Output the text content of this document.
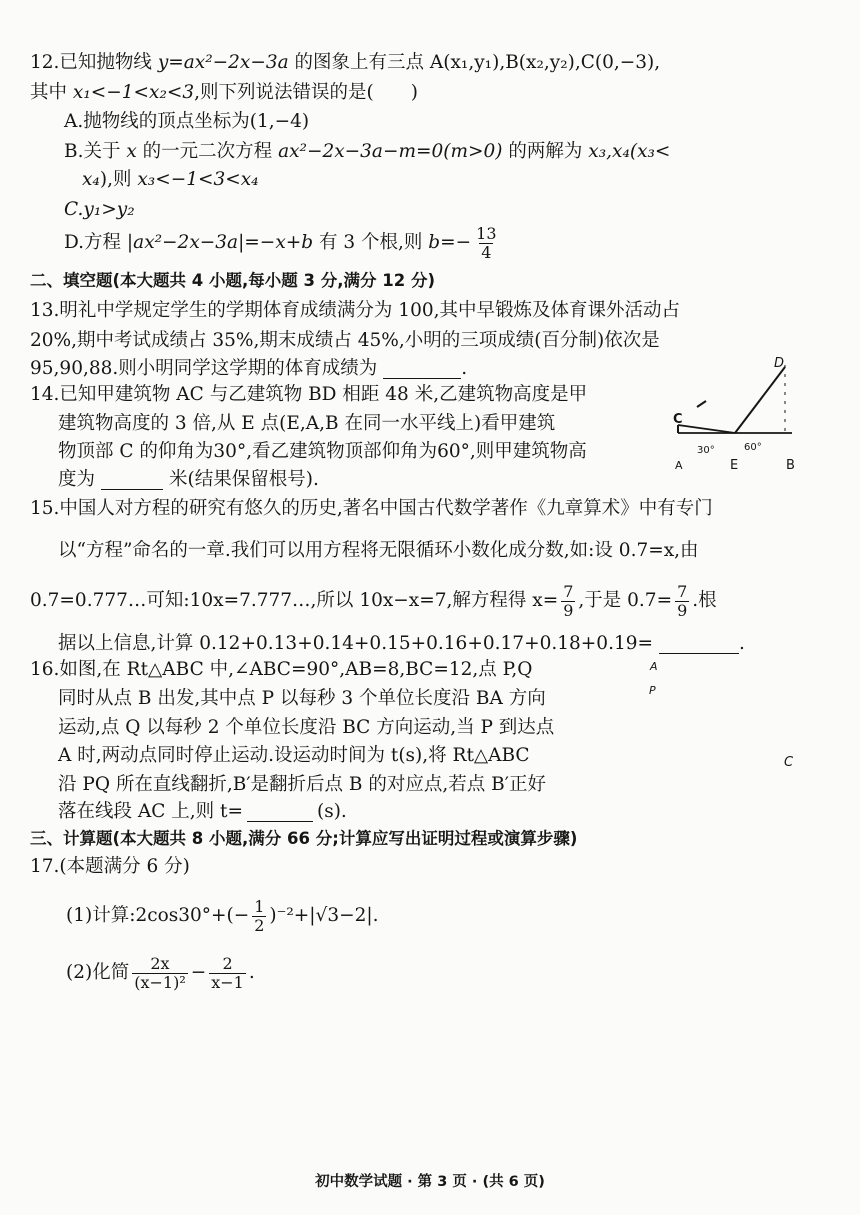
12.已知抛物线 y=ax²−2x−3a 的图象上有三点 A(x₁,y₁),B(x₂,y₂),C(0,−3),
其中 x₁<−1<x₂<3,则下列说法错误的是(　　)
A.抛物线的顶点坐标为(1,−4)
B.关于 x 的一元二次方程 ax²−2x−3a−m=0(m>0) 的两解为 x₃,x₄(x₃<
x₄),则 x₃<−1<3<x₄
C.y₁>y₂
D.方程 |ax²−2x−3a|=−x+b 有 3 个根,则 $b=- \frac{13}{4}$
二、填空题(本大题共 4 小题,每小题 3 分,满分 12 分)
13.明礼中学规定学生的学期体育成绩满分为 100,其中早锻炼及体育课外活动占
20%,期中考试成绩占 35%,期末成绩占 45%,小明的三项成绩(百分制)依次是
95,90,88.则小明同学这学期的体育成绩为	.
14.已知甲建筑物 AC 与乙建筑物 BD 相距 48 米,乙建筑物高度是甲
建筑物高度的 3 倍,从 E 点(E,A,B 在同一水平线上)看甲建筑
物顶部 C 的仰角为30°,看乙建筑物顶部仰角为60°,则甲建筑物高
度为	米(结果保留根号).
D
C
A	E	B
30°	60°
15.中国人对方程的研究有悠久的历史,著名中国古代数学著作《九章算术》中有专门
以“方程”命名的一章.我们可以用方程将无限循环小数化成分数,如:设 0.7=x,由
0.7=0.777…可知:10x=7.777…,所以 10x−x=7,解方程得 $x= \frac{7}{9}$ ,于是 $0.7= \frac{7}{9}$ .根
据以上信息,计算 0.12+0.13+0.14+0.15+0.16+0.17+0.18+0.19=	.
16.如图,在 Rt△ABC 中,∠ABC=90°,AB=8,BC=12,点 P,Q
同时从点 B 出发,其中点 P 以每秒 3 个单位长度沿 BA 方向
运动,点 Q 以每秒 2 个单位长度沿 BC 方向运动,当 P 到达点
A 时,两动点同时停止运动.设运动时间为 t(s),将 Rt△ABC
沿 PQ 所在直线翻折,B′是翻折后点 B 的对应点,若点 B′正好
落在线段 AC 上,则 t=	(s).
A
P
C
三、计算题(本大题共 8 小题,满分 66 分;计算应写出证明过程或演算步骤)
17.(本题满分 6 分)
(1)计算:2cos30°+(− $\frac{1}{2} )^{-2}+|√3-2|$.
(2)化简 $\frac{2x}{\text{(x−1)²}} - \frac{2}{x-1}$ .
初中数学试题 · 第 3 页 · (共 6 页)
